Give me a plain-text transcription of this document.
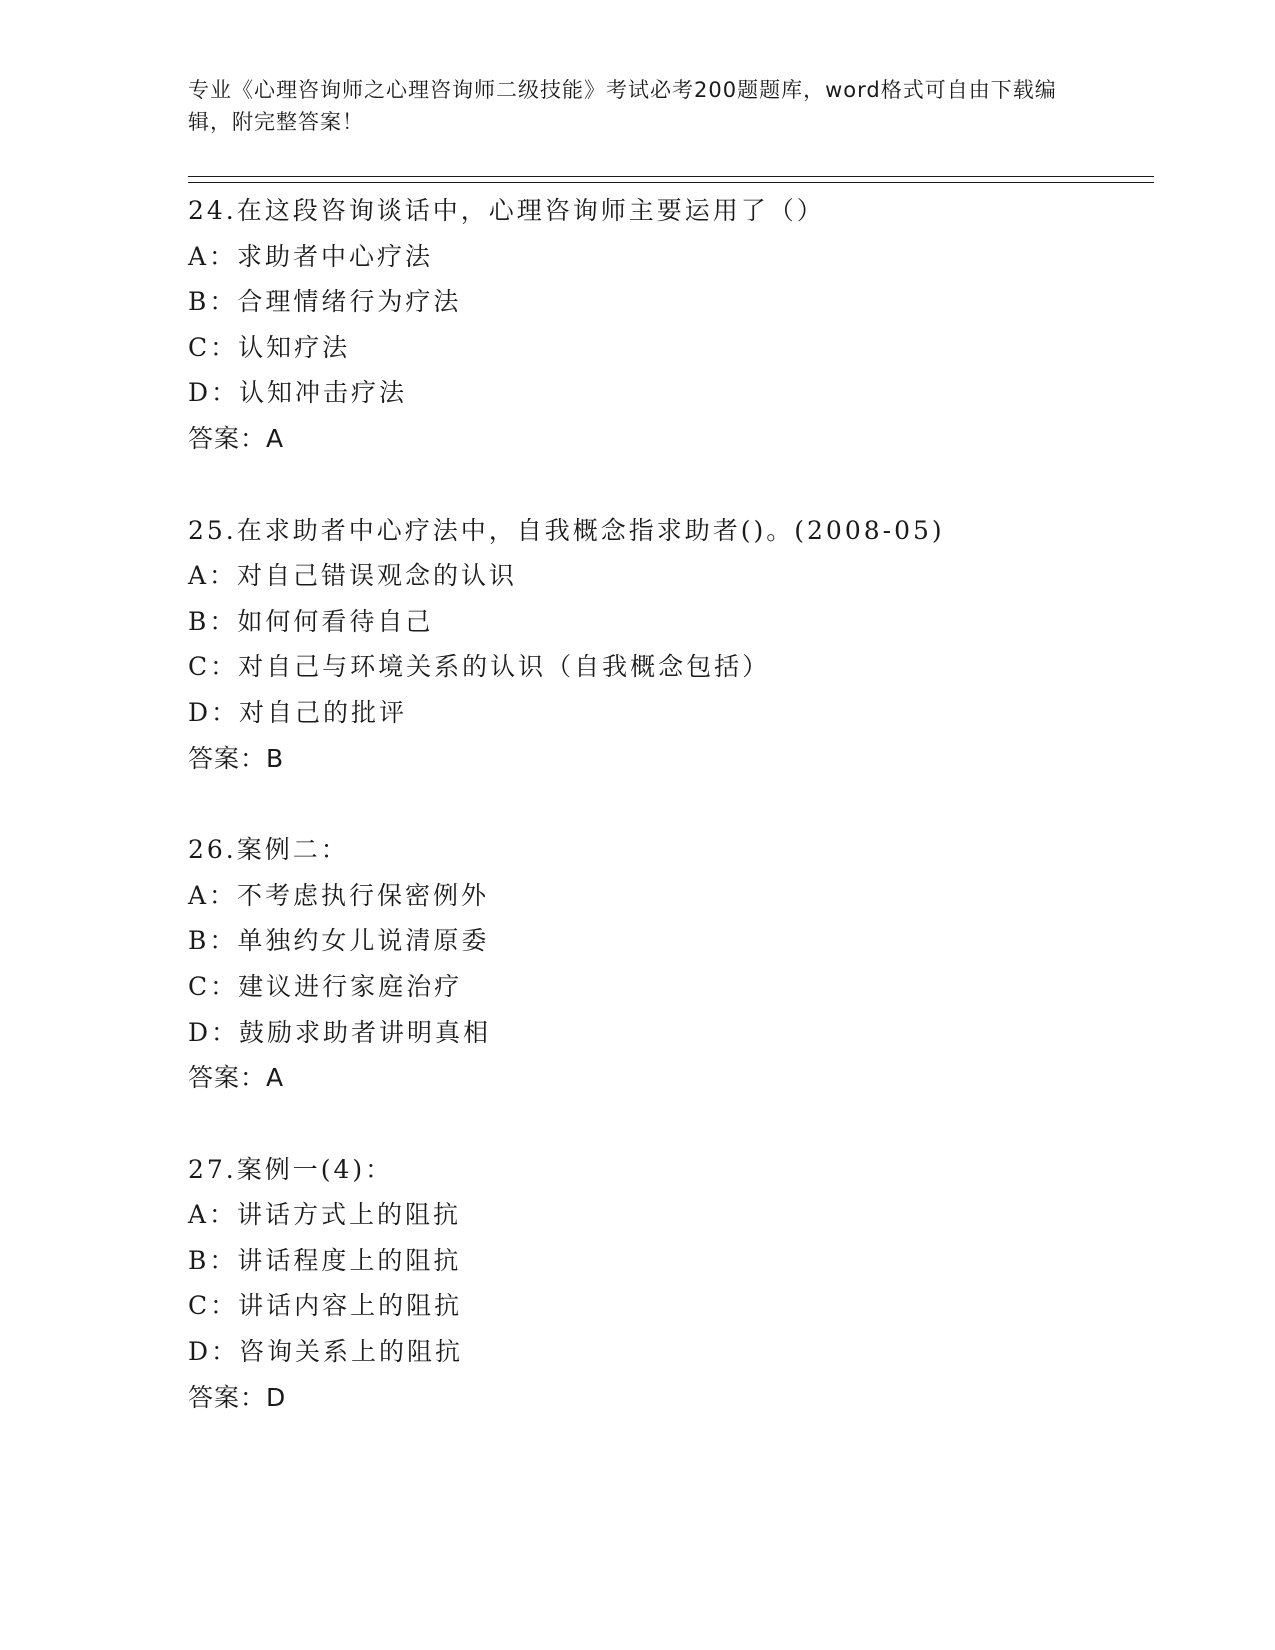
专业《心理咨询师之心理咨询师二级技能》考试必考200题题库，word格式可自由下载编辑，附完整答案！
24.在这段咨询谈话中，心理咨询师主要运用了（）
A：求助者中心疗法
B：合理情绪行为疗法
C：认知疗法
D：认知冲击疗法
答案：A
25.在求助者中心疗法中，自我概念指求助者()。(2008-05)
A：对自己错误观念的认识
B：如何何看待自己
C：对自己与环境关系的认识（自我概念包括）
D：对自己的批评
答案：B
26.案例二：
A：不考虑执行保密例外
B：单独约女儿说清原委
C：建议进行家庭治疗
D：鼓励求助者讲明真相
答案：A
27.案例一(4)：
A：讲话方式上的阻抗
B：讲话程度上的阻抗
C：讲话内容上的阻抗
D：咨询关系上的阻抗
答案：D
